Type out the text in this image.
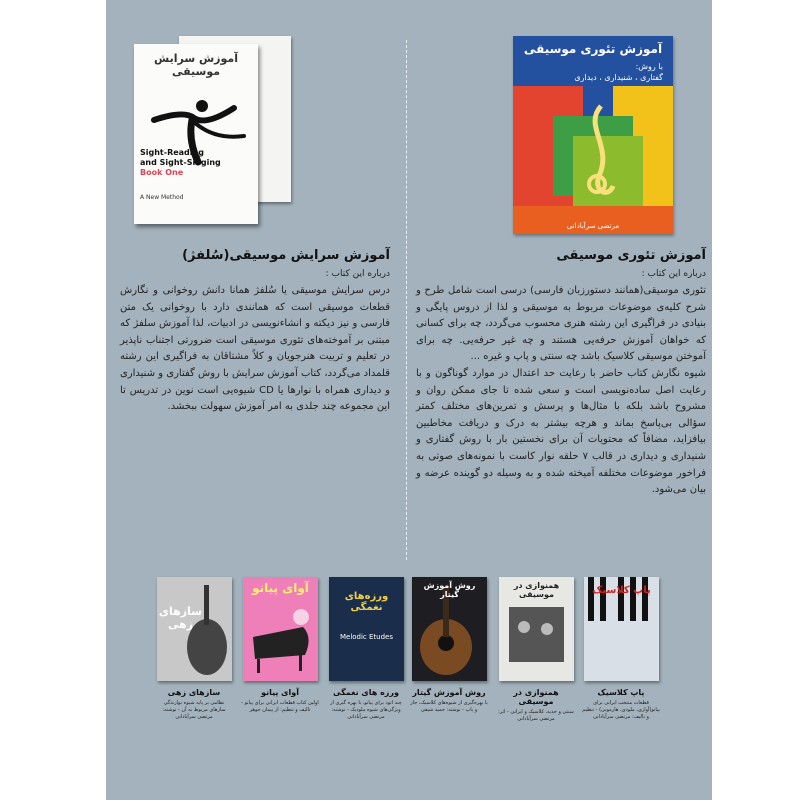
آموزش سرایش موسیقی
Sight-Reading
and Sight-Singing
Book One
A New Method
آموزش تئوری موسیقی
با روش:
گفتاری ، شنیداری ، دیداری
مرتضی سرآبادانی

آموزش تئوری موسیقی

درباره این کتاب :

تئوری موسیقی(همانند دستورزبان فارسی) درسی است شامل طرح و شرح کلیه‌ی موضوعات مربوط به موسیقی و لذا از دروس پایگی و بنیادی در فراگیری این رشته هنری محسوب می‌گردد، چه برای کسانی که خواهان آموزش حرفه‌یی هستند و چه غیر حرفه‌یی. چه برای آموختن موسیقی کلاسیک باشد چه سنتی و پاپ و غیره ...

شیوه نگارش کتاب حاضر با رعایت حد اعتدال در موارد گوناگون و با رعایت اصل ساده‌نویسی است و سعی شده تا جای ممکن روان و مشروح باشد بلکه با مثال‌ها و پرسش و تمرین‌های مختلف کمتر سؤالی بی‌پاسخ بماند و هرچه بیشتر به درک و دریافت مخاطبین بیافزاید، مضافاً که محتویات آن برای نخستین بار با روش گفتاری و شنیداری و دیداری در قالب ۷ حلقه نوار کاست با نمونه‌های صوتی به فراخور موضوعات مختلفه آمیخته شده و به وسیله دو گوینده عرضه و بیان می‌شود.

آموزش سرایش موسیقی(سُلفژ)

درباره این کتاب :

درس سرایش موسیقی یا سُلفژ همانا دانش روخوانی و نگارش قطعات موسیقی است که همانندی دارد با روخوانی یک متن فارسی و نیز دیکته و انشاءنویسی در ادبیات، لذا آموزش سلفژ که مبتنی بر آموخته‌های تئوری موسیقی است ضرورتی اجتناب ناپذیر در تعلیم و تربیت هنرجویان و کلاً مشتاقان به فراگیری این رشته قلمداد می‌گردد، کتاب آموزش سرایش با روش گفتاری و شنیداری و دیداری همراه با نوارها یا CD شیوه‌یی است نوین در تدریس تا این مجموعه چند جلدی به امر آموزش سهولت ببخشد.

پاپ کلاسیک
همنوازی در موسیقی
روش آموزش گیتار
ورزه‌های نغمگی
Melodic Etudes
آوای پیانو
سازهای زهی

پاپ کلاسیک

قطعات منتخب ایرانی برای پیانو(آوازی، ملودی، هارمونی) - تنظیم و تالیف: مرتضی سرآبادانی

همنوازی در موسیقی

سنتی و جدید، کلاسیک و ایرانی - اثر: مرتضی سرآبادانی

روش آموزش گیتار

با بهره‌گیری از شیوه‌های کلاسیک، جاز و پاپ - نوشته: حمید شیقی

ورزه های نغمگی

چند اتود برای پیانو، با بهره گیری از ویژگی‌های شیوه ملودیک - نوشته: مرتضی سرآبادانی

آوای پیانو

اولین کتاب قطعات ایرانی برای پیانو - تالیف و تنظیم: از پیمان جوهر

سازهای زهی

نظامی بر پایه شیوه نوازندگی سازهای مربوط به آن - نوشته: مرتضی سرآبادانی
